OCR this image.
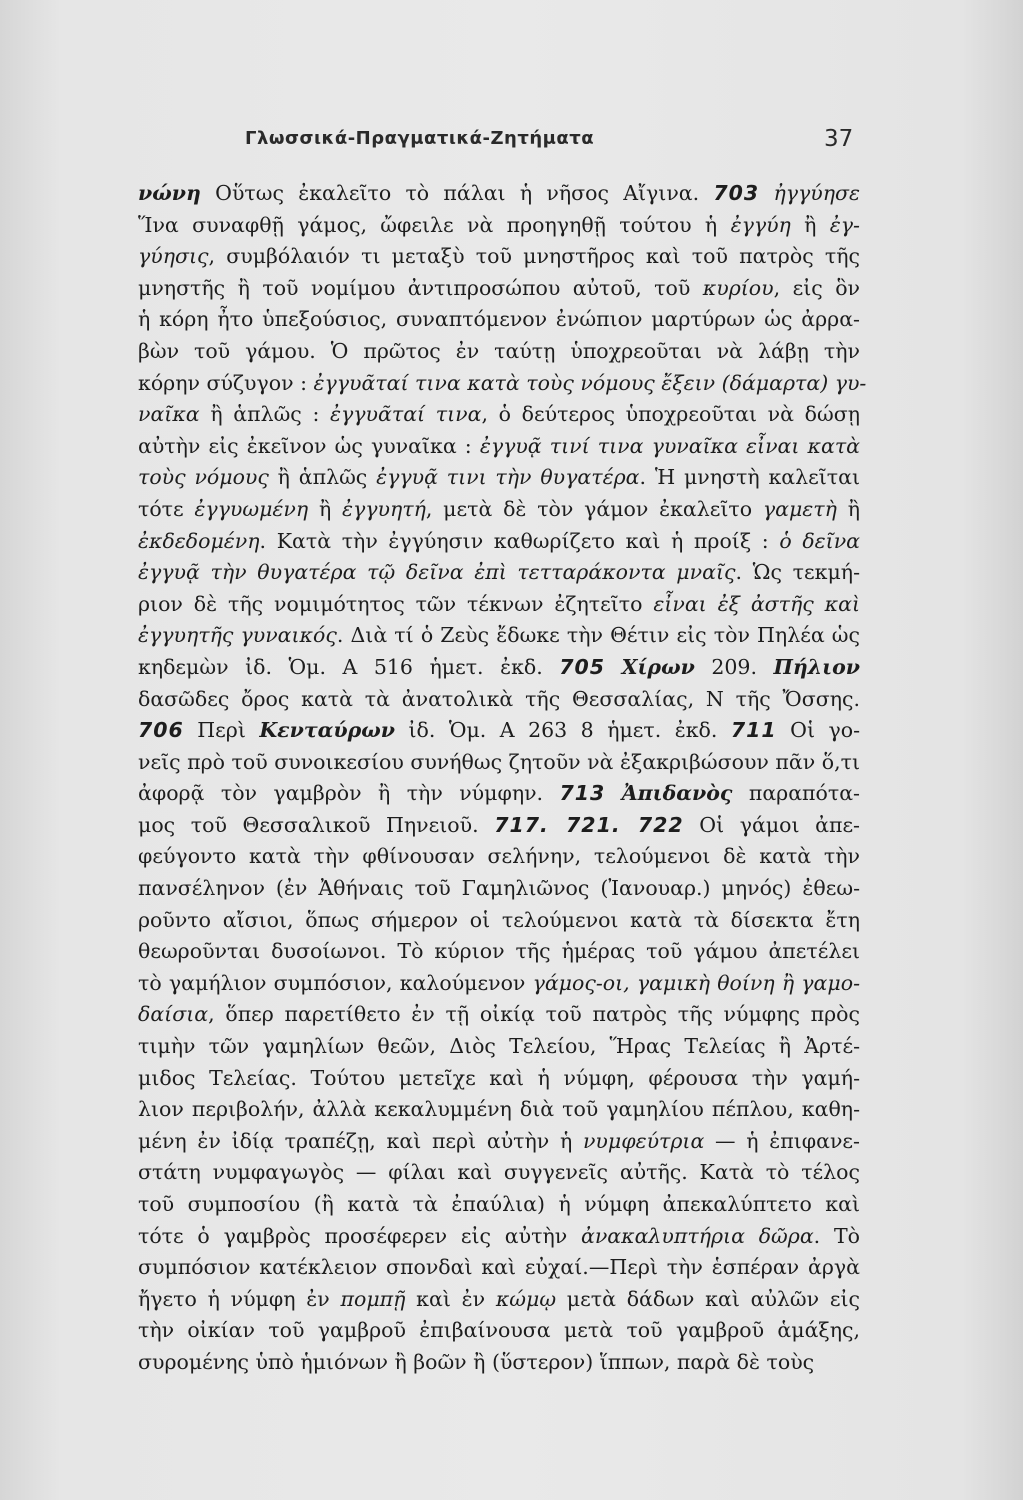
Γλωσσικά-Πραγματικά-Ζητήματα	37
νώνη Οὕτως ἐκαλεῖτο τὸ πάλαι ἡ νῆσος Αἴγινα. 703 ἠγγύησε
Ἵνα συναφθῇ γάμος, ὤφειλε νὰ προηγηθῇ τούτου ἡ ἐγγύη ἢ ἐγ-
γύησις, συμβόλαιόν τι μεταξὺ τοῦ μνηστῆρος καὶ τοῦ πατρὸς τῆς
μνηστῆς ἢ τοῦ νομίμου ἀντιπροσώπου αὐτοῦ, τοῦ κυρίου, εἰς ὃν
ἡ κόρη ἦτο ὑπεξούσιος, συναπτόμενον ἐνώπιον μαρτύρων ὡς ἀρρα-
βὼν τοῦ γάμου. Ὁ πρῶτος ἐν ταύτῃ ὑποχρεοῦται νὰ λάβῃ τὴν
κόρην σύζυγον : ἐγγυᾶταί τινα κατὰ τοὺς νόμους ἔξειν (δάμαρτα) γυ-
ναῖκα ἢ ἁπλῶς : ἐγγυᾶταί τινα, ὁ δεύτερος ὑποχρεοῦται νὰ δώσῃ
αὐτὴν εἰς ἐκεῖνον ὡς γυναῖκα : ἐγγυᾷ τινί τινα γυναῖκα εἶναι κατὰ
τοὺς νόμους ἢ ἁπλῶς ἐγγυᾷ τινι τὴν θυγατέρα. Ἡ μνηστὴ καλεῖται
τότε ἐγγυωμένη ἢ ἐγγυητή, μετὰ δὲ τὸν γάμον ἐκαλεῖτο γαμετὴ ἢ
ἐκδεδομένη. Κατὰ τὴν ἐγγύησιν καθωρίζετο καὶ ἡ προίξ : ὁ δεῖνα
ἐγγυᾷ τὴν θυγατέρα τῷ δεῖνα ἐπὶ τετταράκοντα μναῖς. Ὡς τεκμή-
ριον δὲ τῆς νομιμότητος τῶν τέκνων ἐζητεῖτο εἶναι ἐξ ἀστῆς καὶ
ἐγγυητῆς γυναικός. Διὰ τί ὁ Ζεὺς ἔδωκε τὴν Θέτιν εἰς τὸν Πηλέα ὡς
κηδεμὼν ἰδ. Ὁμ. Α 516 ἡμετ. ἐκδ. 705 Χίρων 209. Πήλιον
δασῶδες ὄρος κατὰ τὰ ἀνατολικὰ τῆς Θεσσαλίας, Ν τῆς Ὄσσης.
706 Περὶ Κενταύρων ἰδ. Ὁμ. Α 263 8 ἡμετ. ἐκδ. 711 Οἱ γο-
νεῖς πρὸ τοῦ συνοικεσίου συνήθως ζητοῦν νὰ ἐξακριβώσουν πᾶν ὅ,τι
ἀφορᾷ τὸν γαμβρὸν ἢ τὴν νύμφην. 713 Ἀπιδανὸς παραπότα-
μος τοῦ Θεσσαλικοῦ Πηνειοῦ. 717. 721. 722 Οἱ γάμοι ἀπε-
φεύγοντο κατὰ τὴν φθίνουσαν σελήνην, τελούμενοι δὲ κατὰ τὴν
πανσέληνον (ἐν Ἀθήναις τοῦ Γαμηλιῶνος (Ἰανουαρ.) μηνός) ἐθεω-
ροῦντο αἴσιοι, ὅπως σήμερον οἱ τελούμενοι κατὰ τὰ δίσεκτα ἔτη
θεωροῦνται δυσοίωνοι. Τὸ κύριον τῆς ἡμέρας τοῦ γάμου ἀπετέλει
τὸ γαμήλιον συμπόσιον, καλούμενον γάμος-οι, γαμικὴ θοίνη ἢ γαμο-
δαίσια, ὅπερ παρετίθετο ἐν τῇ οἰκίᾳ τοῦ πατρὸς τῆς νύμφης πρὸς
τιμὴν τῶν γαμηλίων θεῶν, Διὸς Τελείου, Ἥρας Τελείας ἢ Ἀρτέ-
μιδος Τελείας. Τούτου μετεῖχε καὶ ἡ νύμφη, φέρουσα τὴν γαμή-
λιον περιβολήν, ἀλλὰ κεκαλυμμένη διὰ τοῦ γαμηλίου πέπλου, καθη-
μένη ἐν ἰδίᾳ τραπέζῃ, καὶ περὶ αὐτὴν ἡ νυμφεύτρια — ἡ ἐπιφανε-
στάτη νυμφαγωγὸς — φίλαι καὶ συγγενεῖς αὐτῆς. Κατὰ τὸ τέλος
τοῦ συμποσίου (ἢ κατὰ τὰ ἐπαύλια) ἡ νύμφη ἀπεκαλύπτετο καὶ
τότε ὁ γαμβρὸς προσέφερεν εἰς αὐτὴν ἀνακαλυπτήρια δῶρα. Τὸ
συμπόσιον κατέκλειον σπονδαὶ καὶ εὐχαί.—Περὶ τὴν ἑσπέραν ἀργὰ
ἤγετο ἡ νύμφη ἐν πομπῇ καὶ ἐν κώμῳ μετὰ δάδων καὶ αὐλῶν εἰς
τὴν οἰκίαν τοῦ γαμβροῦ ἐπιβαίνουσα μετὰ τοῦ γαμβροῦ ἁμάξης,
συρομένης ὑπὸ ἡμιόνων ἢ βοῶν ἢ (ὕστερον) ἵππων, παρὰ δὲ τοὺς
